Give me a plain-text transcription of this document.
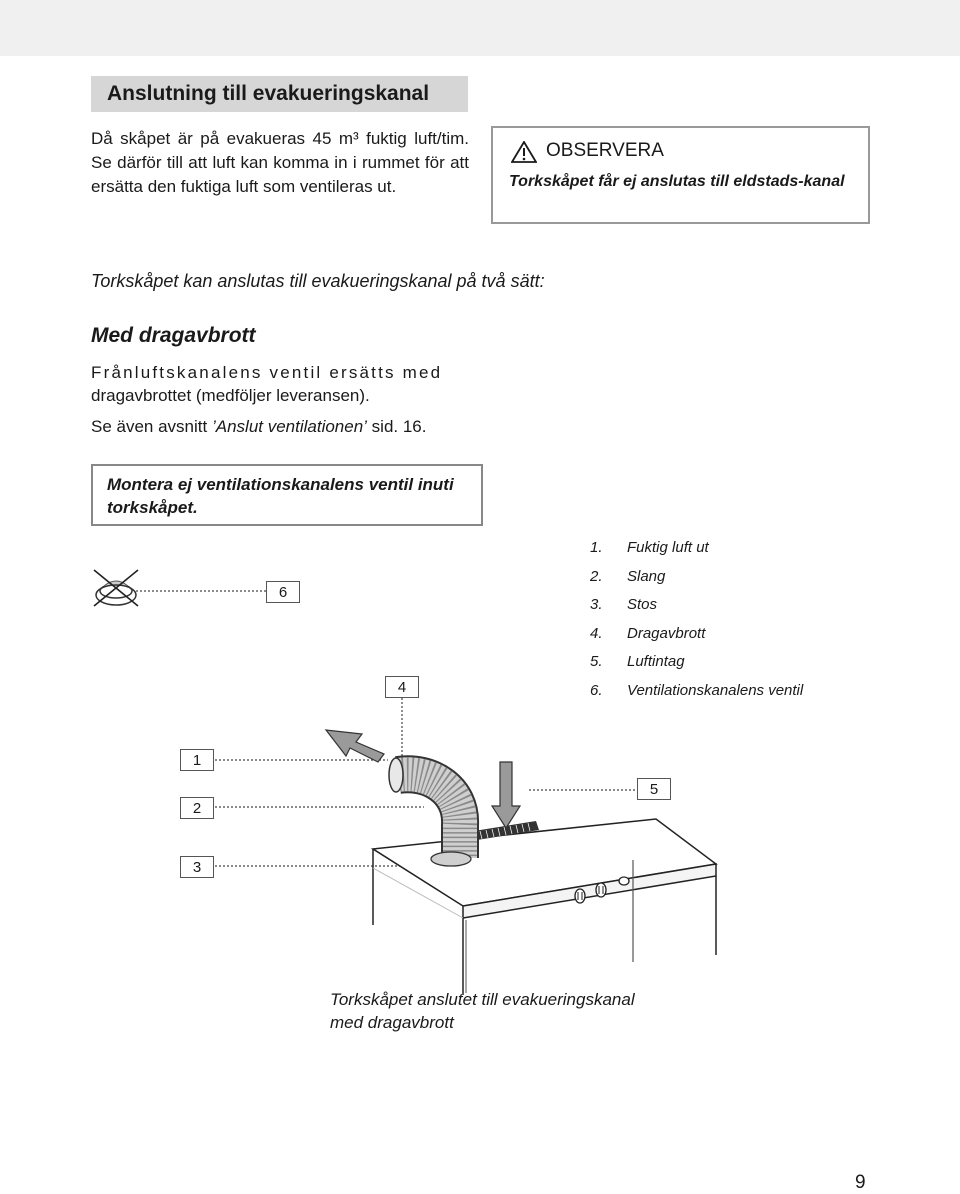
Anslutning till evakueringskanal
Då skåpet är på evakueras 45 m³ fuktig luft/tim. Se därför till att luft kan komma in i rummet för att ersätta den fuktiga luft som ventileras ut.
OBSERVERA
Torkskåpet får ej anslutas till eldstads-kanal
Torkskåpet kan anslutas till evakueringskanal på två sätt:
Med dragavbrott
Frånluftskanalens ventil ersätts med
dragavbrottet (medföljer leveransen).
Se även avsnitt ’Anslut ventilationen’ sid. 16.
Montera ej ventilationskanalens ventil inuti torkskåpet.
1. Fuktig luft ut
2. Slang
3. Stos
4. Dragavbrott
5. Luftintag
6. Ventilationskanalens ventil
6
4
1
2
3
5
Torkskåpet anslutet till evakueringskanal
med dragavbrott
9
